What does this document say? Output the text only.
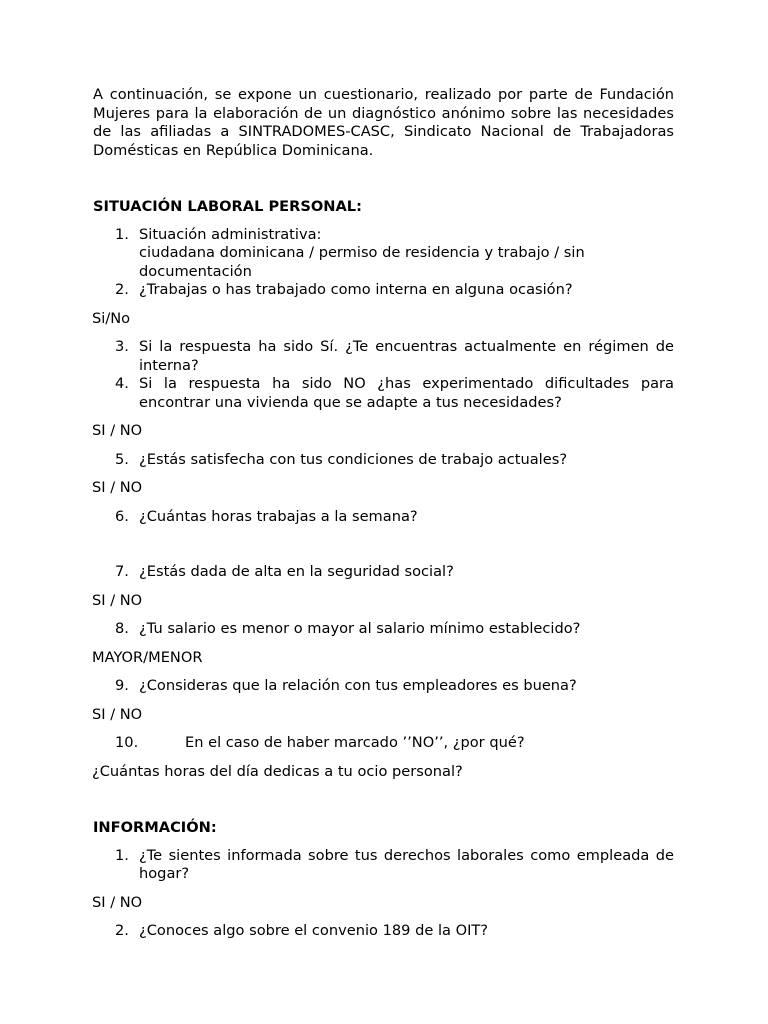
A continuación, se expone un cuestionario, realizado por parte de Fundación Mujeres para la elaboración de un diagnóstico anónimo sobre las necesidades de las afiliadas a SINTRADOMES-CASC, Sindicato Nacional de Trabajadoras Domésticas en República Dominicana.

SITUACIÓN LABORAL PERSONAL:

1. Situación administrativa:
ciudadana dominicana / permiso de residencia y trabajo / sin documentación
2. ¿Trabajas o has trabajado como interna en alguna ocasión?
Si/No
3. Si la respuesta ha sido Sí. ¿Te encuentras actualmente en régimen de interna?
4. Si la respuesta ha sido NO ¿has experimentado dificultades para encontrar una vivienda que se adapte a tus necesidades?
SI / NO
5. ¿Estás satisfecha con tus condiciones de trabajo actuales?
SI / NO
6. ¿Cuántas horas trabajas a la semana?
7. ¿Estás dada de alta en la seguridad social?
SI / NO
8. ¿Tu salario es menor o mayor al salario mínimo establecido?
MAYOR/MENOR
9. ¿Consideras que la relación con tus empleadores es buena?
SI / NO
10.	En el caso de haber marcado ’’NO’’, ¿por qué?
¿Cuántas horas del día dedicas a tu ocio personal?

INFORMACIÓN:

1. ¿Te sientes informada sobre tus derechos laborales como empleada de hogar?
SI / NO
2. ¿Conoces algo sobre el convenio 189 de la OIT?
